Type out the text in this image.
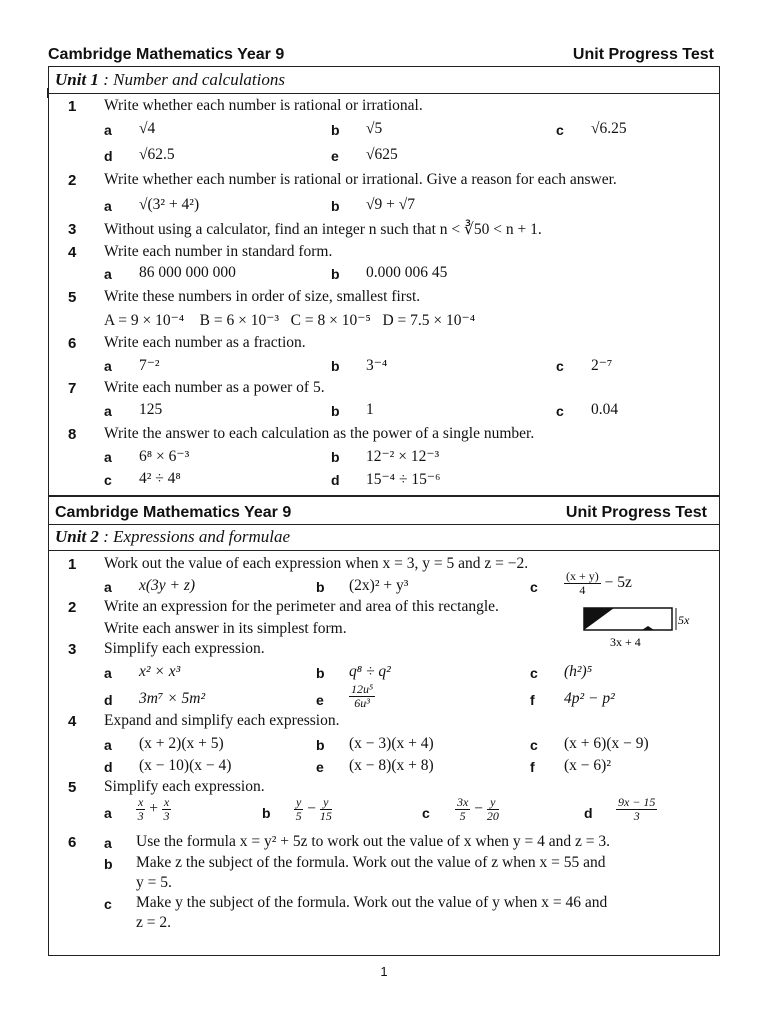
Cambridge Mathematics Year 9	Unit Progress Test
Unit 1 : Number and calculations
1 Write whether each number is rational or irrational.
a √4	b √5	c √6.25
d √62.5	e √625
2 Write whether each number is rational or irrational. Give a reason for each answer.
a √(3² + 4²)	b √9 + √7
3 Without using a calculator, find an integer n such that n < ∛50 < n + 1.
4 Write each number in standard form.
a 86 000 000 000	b 0.000 006 45
5 Write these numbers in order of size, smallest first.
A = 9 × 10⁻⁴    B = 6 × 10⁻³   C = 8 × 10⁻⁵   D = 7.5 × 10⁻⁴
6 Write each number as a fraction.
a 7⁻²	b 3⁻⁴	c 2⁻⁷
7 Write each number as a power of 5.
a 125	b 1	c 0.04
8 Write the answer to each calculation as the power of a single number.
a 6⁸ × 6⁻³	b 12⁻² × 12⁻³
c 4² ÷ 4⁸	d 15⁻⁴ ÷ 15⁻⁶
Cambridge Mathematics Year 9	Unit Progress Test
Unit 2 : Expressions and formulae
1 Work out the value of each expression when x = 3, y = 5 and z = −2.
a x(3y + z)	b (2x)² + y³	c $\frac{(x + y)}{4} - 5z$
2 Write an expression for the perimeter and area of this rectangle.
Write each answer in its simplest form.	5x
3x + 4
3 Simplify each expression.
a x² × x³	b q⁸ ÷ q²	c (h²)⁵
d 3m⁷ × 5m²	e $\frac{\text{12u⁵}}{\text{6u³}}$	f 4p² − p²
4 Expand and simplify each expression.
a (x + 2)(x + 5)	b (x − 3)(x + 4)	c (x + 6)(x − 9)
d (x − 10)(x − 4)	e (x − 8)(x + 8)	f (x − 6)²
5 Simplify each expression.
a $\frac{x}{3} + \frac{x}{3}$	b $\frac{y}{5} - \frac{y}{15}$	c $\frac{3x}{5} - \frac{y}{20}$	d $\frac{9x - 15}{3}$
6 a Use the formula x = y² + 5z to work out the value of x when y = 4 and z = 3.
b Make z the subject of the formula. Work out the value of z when x = 55 and
y = 5.
c Make y the subject of the formula. Work out the value of y when x = 46 and
z = 2.
1
